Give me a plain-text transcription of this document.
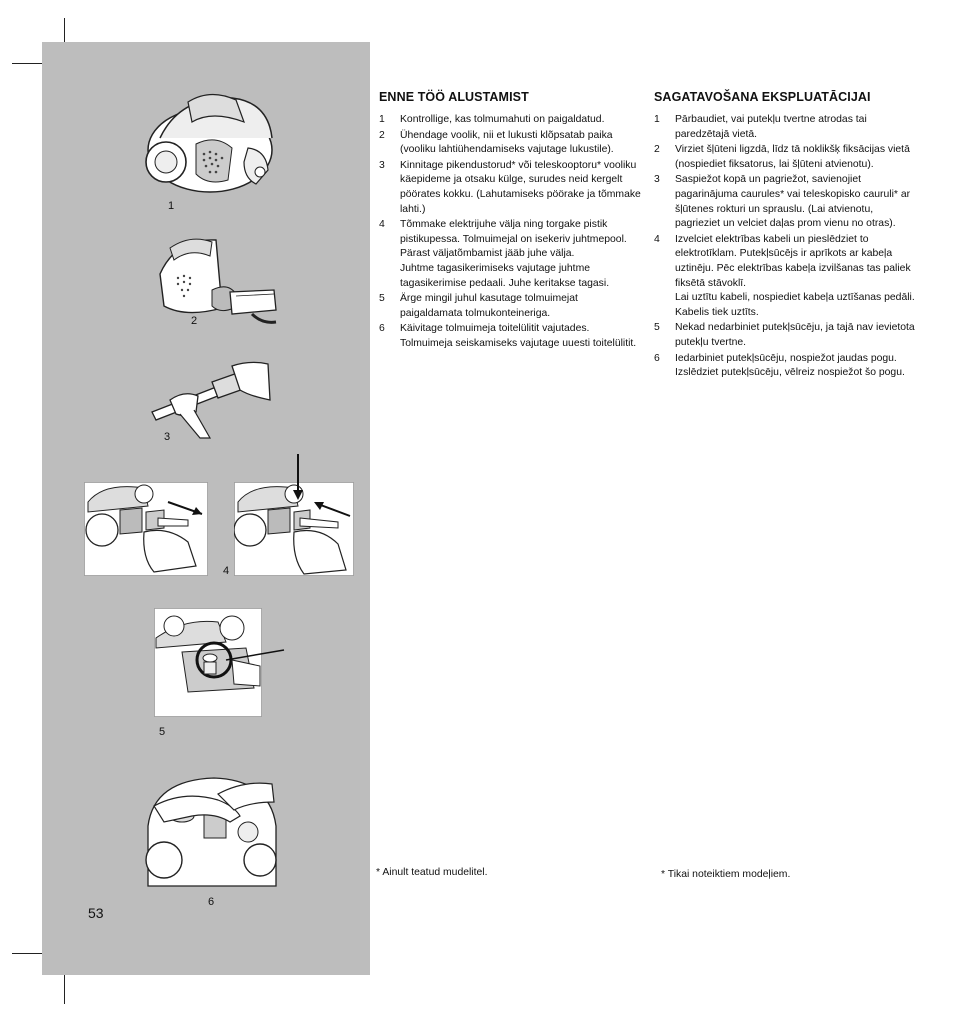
1
2
3
4
5
6
53
ENNE TÖÖ ALUSTAMIST
1 Kontrollige, kas tolmumahuti on paigaldatud.
2 Ühendage voolik, nii et lukusti klõpsatab paika (vooliku lahtiühendamiseks vajutage lukustile).
3 Kinnitage pikendustorud* või teleskooptoru* vooliku käepideme ja otsaku külge, surudes neid kergelt pöörates kokku. (Lahutamiseks pöörake ja tõmmake lahti.)
4 Tõmmake elektrijuhe välja ning torgake pistik pistikupessa. Tolmuimejal on isekeriv juhtmepool. Pärast väljatõmbamist jääb juhe välja.
Juhtme tagasikerimiseks vajutage juhtme tagasikerimise pedaali. Juhe keritakse tagasi.
5 Ärge mingil juhul kasutage tolmuimejat paigaldamata tolmukonteineriga.
6 Käivitage tolmuimeja toitelülitit vajutades. Tolmuimeja seiskamiseks vajutage uuesti toitelülitit.
* Ainult teatud mudelitel.
SAGATAVOŠANA EKSPLUATĀCIJAI
1 Pārbaudiet, vai putekļu tvertne atrodas tai paredzētajā vietā.
2 Virziet šļūteni ligzdā, līdz tā noklikšķ fiksācijas vietā (nospiediet fiksatorus, lai šļūteni atvienotu).
3 Saspiežot kopā un pagriežot, savienojiet pagarinājuma caurules* vai teleskopisko cauruli* ar šļūtenes rokturi un sprauslu. (Lai atvienotu, pagrieziet un velciet daļas prom vienu no otras).
4 Izvelciet elektrības kabeli un pieslēdziet to elektrotīklam. Putekļsūcējs ir aprīkots ar kabeļa uztinēju. Pēc elektrības kabeļa izvilšanas tas paliek fiksētā stāvoklī.
Lai uztītu kabeli, nospiediet kabeļa uztīšanas pedāli. Kabelis tiek uztīts.
5 Nekad nedarbiniet putekļsūcēju, ja tajā nav ievietota putekļu tvertne.
6 Iedarbiniet putekļsūcēju, nospiežot jaudas pogu. Izslēdziet putekļsūcēju, vēlreiz nospiežot šo pogu.
* Tikai noteiktiem modeļiem.
